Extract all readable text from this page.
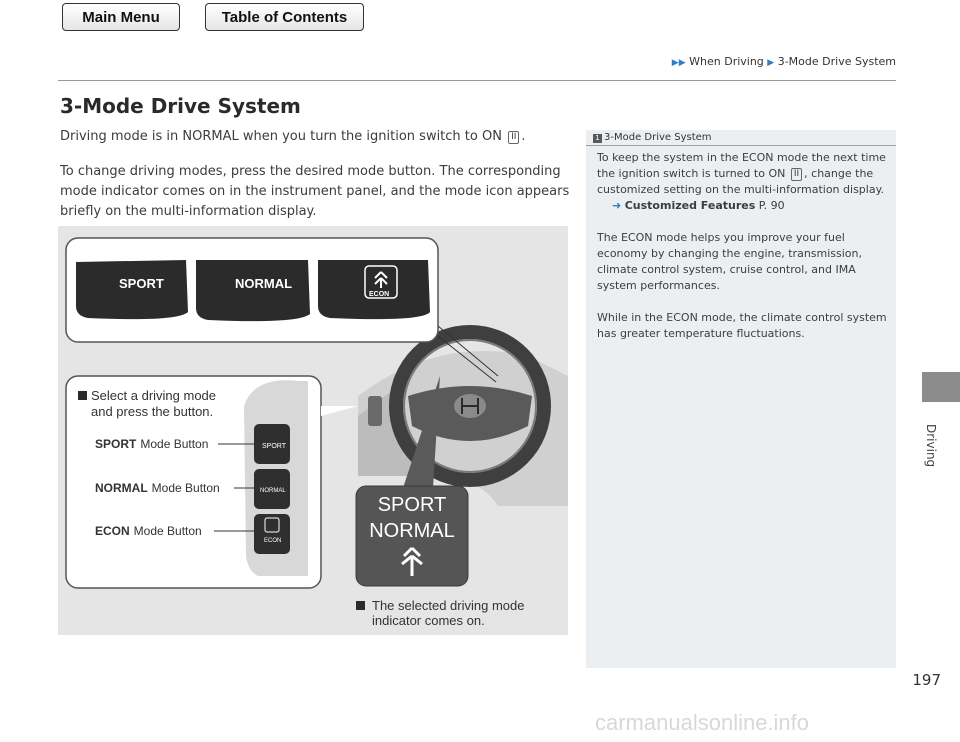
Main Menu	Table of Contents
▶▶ When Driving ▶ 3-Mode Drive System
3-Mode Drive System
Driving mode is in NORMAL when you turn the ignition switch to ON II .
To change driving modes, press the desired mode button. The corresponding mode indicator comes on in the instrument panel, and the mode icon appears briefly on the multi-information display.
SPORT	NORMAL
ECON
Select a driving mode
and press the button.
SPORT
NORMAL
ECON
SPORT Mode Button
NORMAL Mode Button
ECON Mode Button
SPORT
NORMAL
The selected driving mode
indicator comes on.
1 3-Mode Drive System
To keep the system in the ECON mode the next time the ignition switch is turned to ON II , change the customized setting on the multi-information display.
➜ Customized Features P. 90
The ECON mode helps you improve your fuel economy by changing the engine, transmission, climate control system, cruise control, and IMA system performances.
While in the ECON mode, the climate control system has greater temperature fluctuations.
Driving
197
carmanualsonline.info
